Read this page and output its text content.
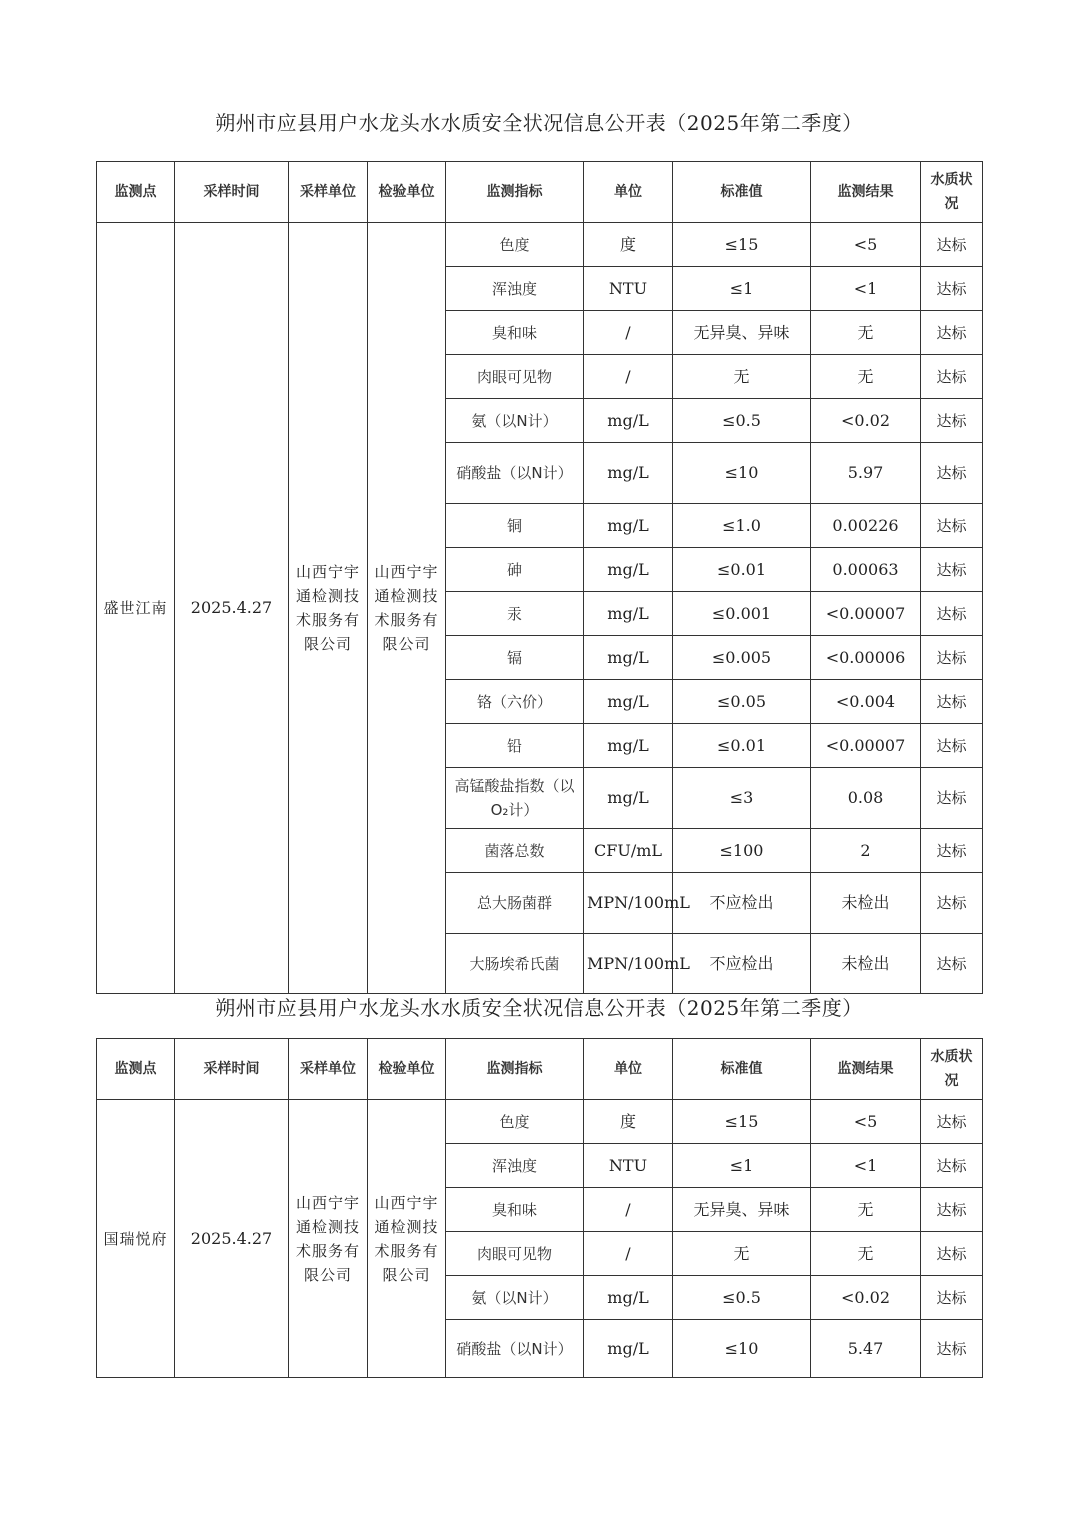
朔州市应县用户水龙头水水质安全状况信息公开表（2025年第二季度）
监测点	采样时间	采样单位	检验单位	监测指标	单位	标准值	监测结果	水质状况
盛世江南	2025.4.27	山西宁宇通检测技术服务有限公司	山西宁宇通检测技术服务有限公司	色度	度	≤15	<5	达标
				浑浊度	NTU	≤1	<1	达标
				臭和味	/	无异臭、异味	无	达标
				肉眼可见物	/	无	无	达标
				氨（以N计）	mg/L	≤0.5	<0.02	达标
				硝酸盐（以N计）	mg/L	≤10	5.97	达标
				铜	mg/L	≤1.0	0.00226	达标
				砷	mg/L	≤0.01	0.00063	达标
				汞	mg/L	≤0.001	<0.00007	达标
				镉	mg/L	≤0.005	<0.00006	达标
				铬（六价）	mg/L	≤0.05	<0.004	达标
				铅	mg/L	≤0.01	<0.00007	达标
				高锰酸盐指数（以O₂计）	mg/L	≤3	0.08	达标
				菌落总数	CFU/mL	≤100	2	达标
				总大肠菌群	MPN/100mL	不应检出	未检出	达标
				大肠埃希氏菌	MPN/100mL	不应检出	未检出	达标
朔州市应县用户水龙头水水质安全状况信息公开表（2025年第二季度）
监测点	采样时间	采样单位	检验单位	监测指标	单位	标准值	监测结果	水质状况
国瑞悦府	2025.4.27	山西宁宇通检测技术服务有限公司	山西宁宇通检测技术服务有限公司	色度	度	≤15	<5	达标
				浑浊度	NTU	≤1	<1	达标
				臭和味	/	无异臭、异味	无	达标
				肉眼可见物	/	无	无	达标
				氨（以N计）	mg/L	≤0.5	<0.02	达标
				硝酸盐（以N计）	mg/L	≤10	5.47	达标
